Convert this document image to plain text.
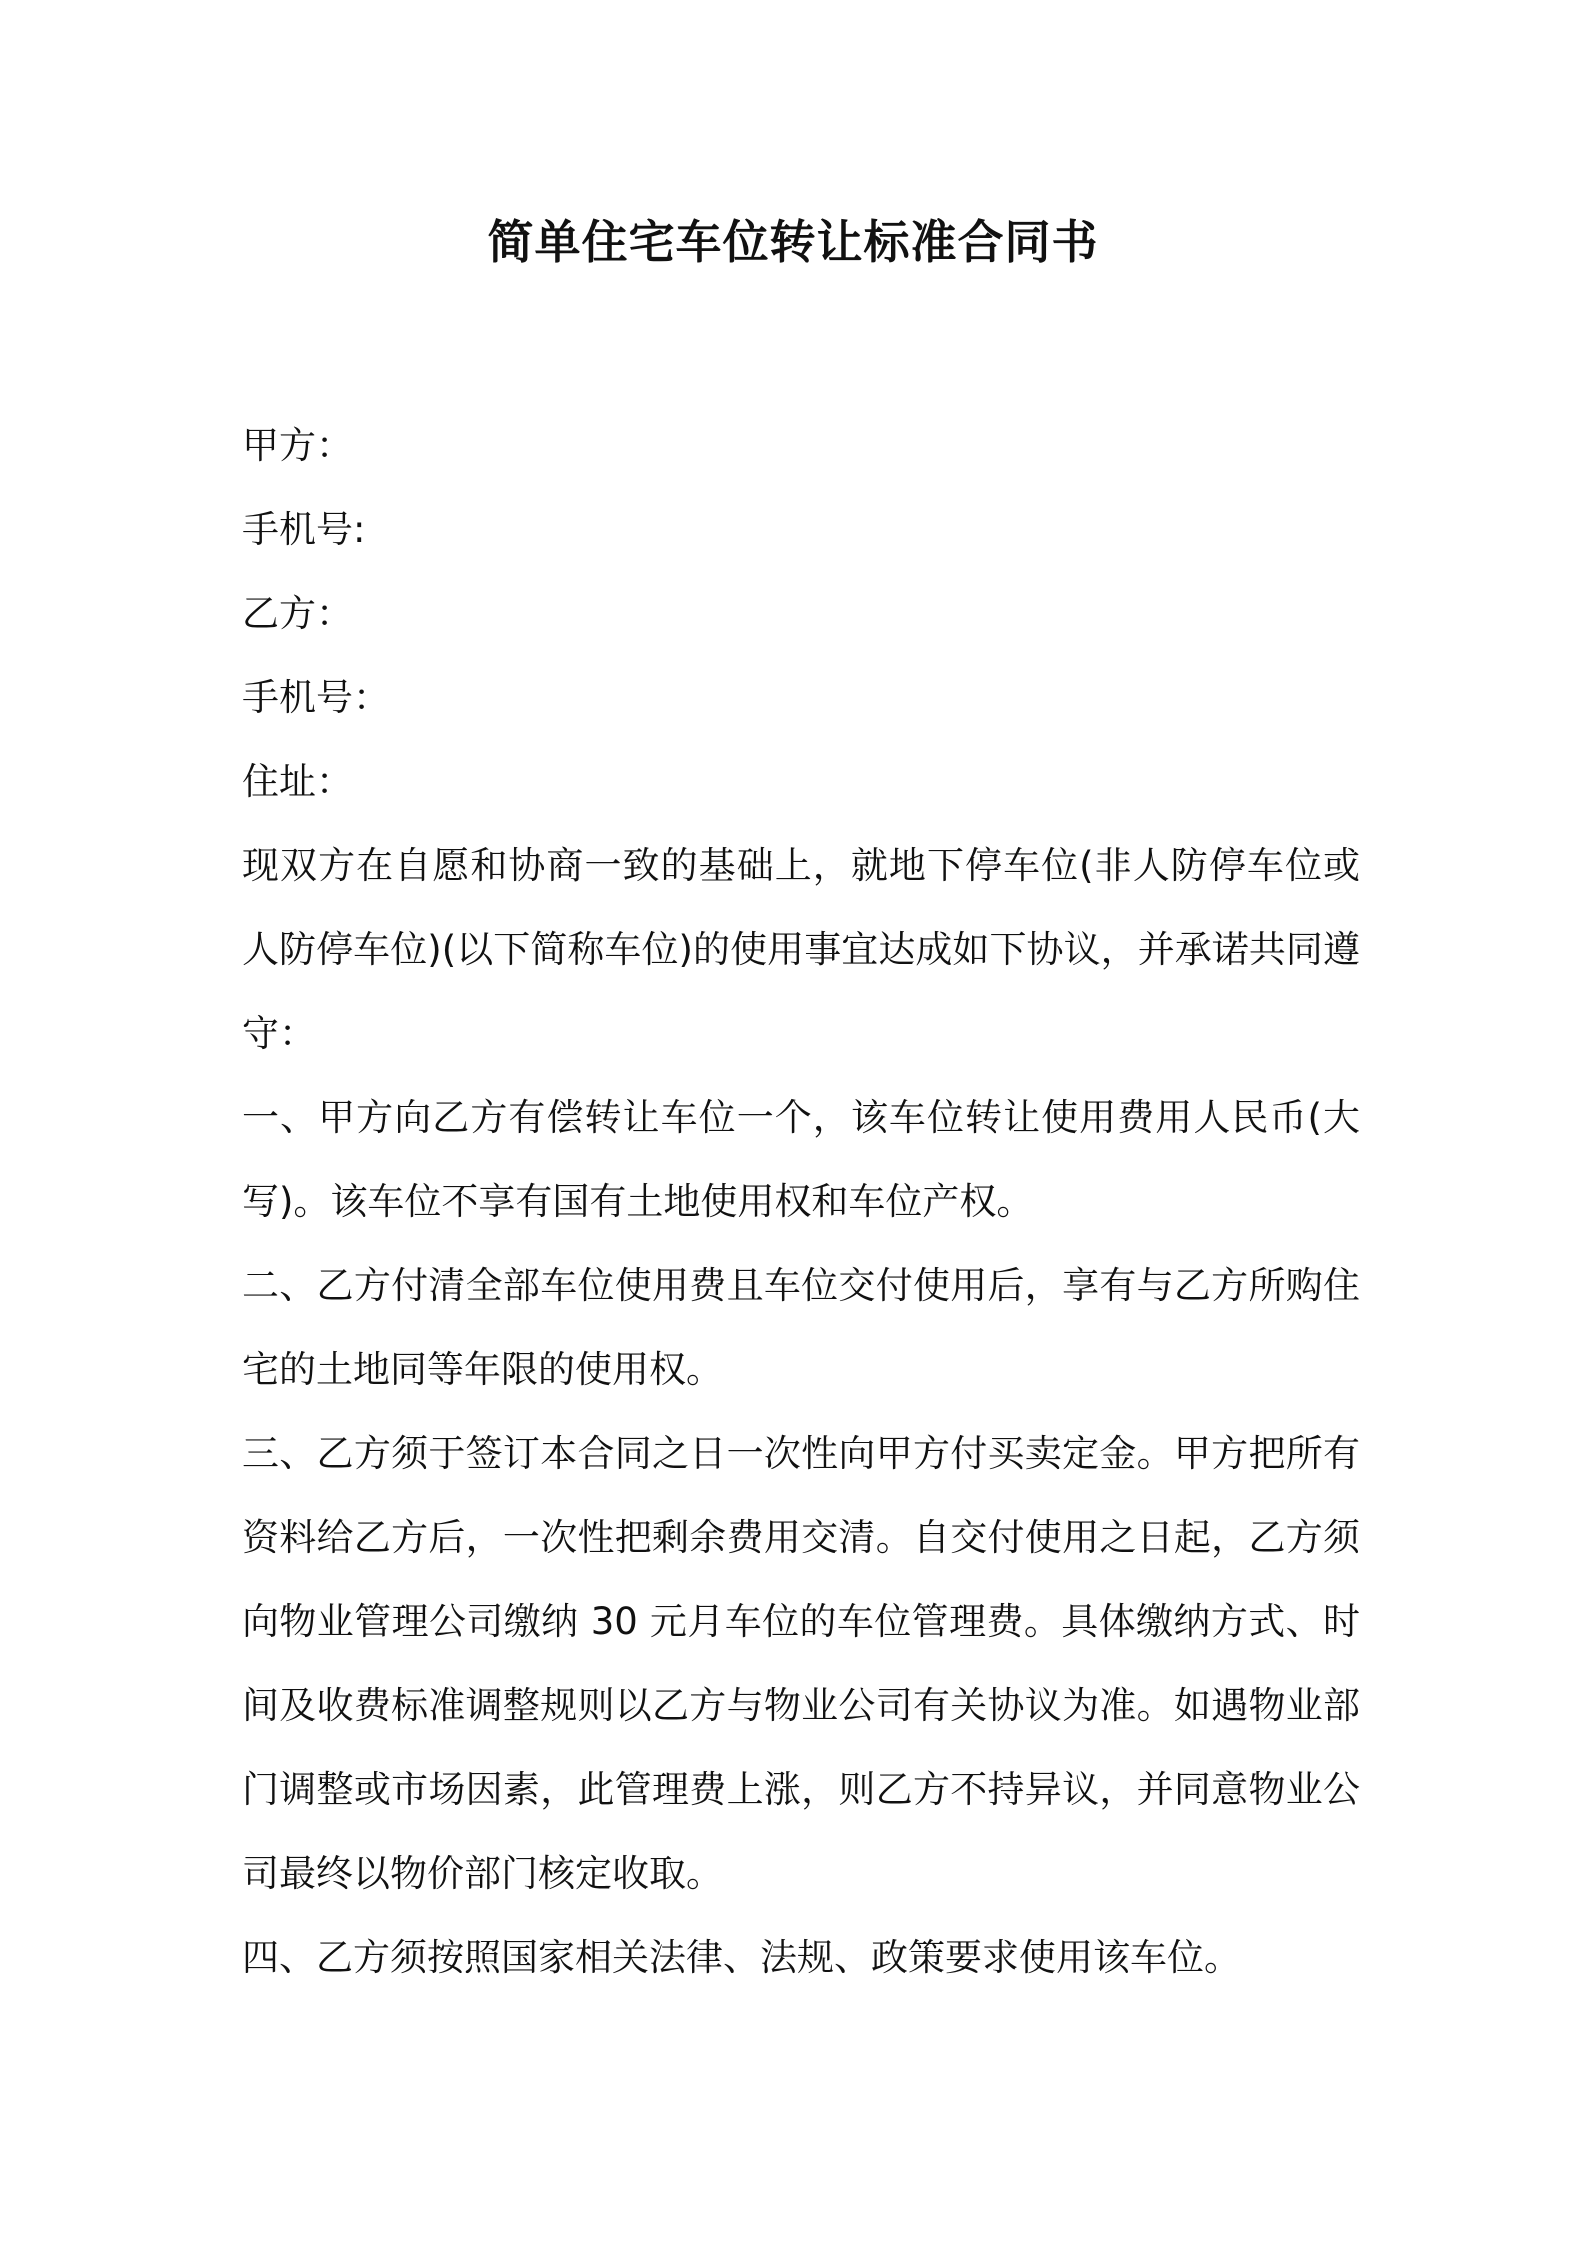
简单住宅车位转让标准合同书
甲方：
手机号:
乙方：
手机号：
住址：

现双方在自愿和协商一致的基础上，就地下停车位(非人防停车位或人防停车位)(以下简称车位)的使用事宜达成如下协议，并承诺共同遵守：

一、甲方向乙方有偿转让车位一个，该车位转让使用费用人民币(大写)。该车位不享有国有土地使用权和车位产权。

二、乙方付清全部车位使用费且车位交付使用后，享有与乙方所购住宅的土地同等年限的使用权。

三、乙方须于签订本合同之日一次性向甲方付买卖定金。甲方把所有资料给乙方后，一次性把剩余费用交清。自交付使用之日起，乙方须向物业管理公司缴纳 30 元月车位的车位管理费。具体缴纳方式、时间及收费标准调整规则以乙方与物业公司有关协议为准。如遇物业部门调整或市场因素，此管理费上涨，则乙方不持异议，并同意物业公司最终以物价部门核定收取。

四、乙方须按照国家相关法律、法规、政策要求使用该车位。
